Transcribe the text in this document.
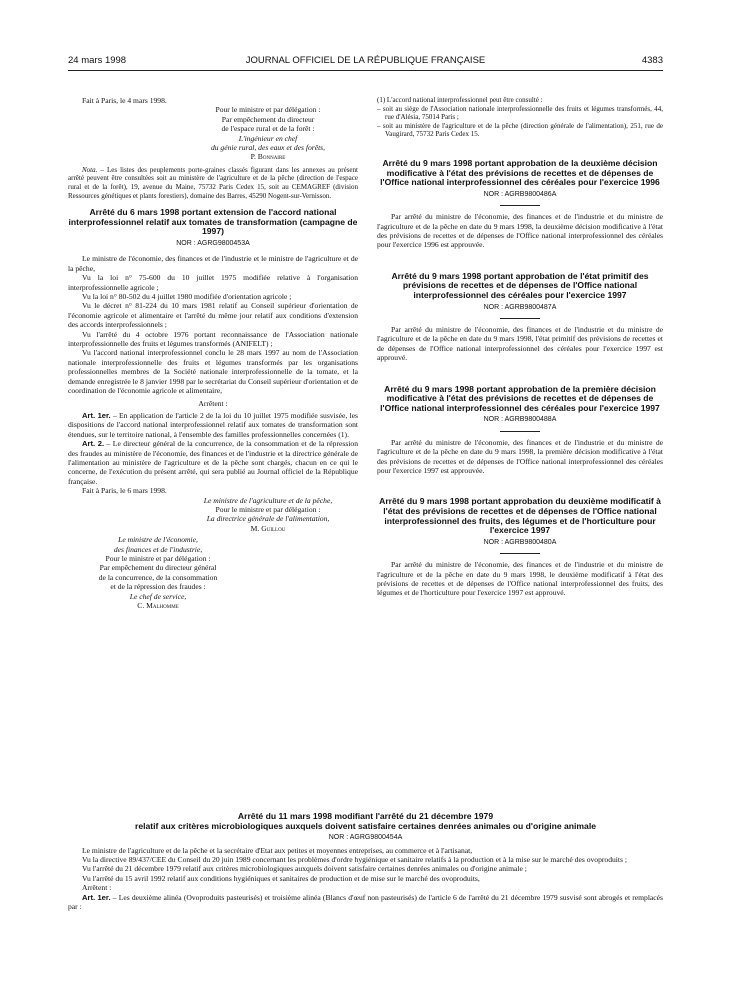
24 mars 1998	JOURNAL OFFICIEL DE LA RÉPUBLIQUE FRANÇAISE	4383

Fait à Paris, le 4 mars 1998.

Pour le ministre et par délégation :

Par empêchement du directeur

de l'espace rural et de la forêt :

L'ingénieur en chef

du génie rural, des eaux et des forêts,

P. Bonnaire

Nota. – Les listes des peuplements porte-graines classés figurant dans les annexes au présent arrêté peuvent être consultées soit au ministère de l'agriculture et de la pêche (direction de l'espace rural et de la forêt), 19, avenue du Maine, 75732 Paris Cedex 15, soit au CEMAGREF (division Ressources génétiques et plants forestiers), domaine des Barres, 45290 Nogent-sur-Vernisson.

Arrêté du 6 mars 1998 portant extension de l'accord national interprofessionnel relatif aux tomates de transformation (campagne de 1997)

NOR : AGRG9800453A

Le ministre de l'économie, des finances et de l'industrie et le ministre de l'agriculture et de la pêche,

Vu la loi n° 75-600 du 10 juillet 1975 modifiée relative à l'organisation interprofessionnelle agricole ;

Vu la loi n° 80-502 du 4 juillet 1980 modifiée d'orientation agricole ;

Vu le décret n° 81-224 du 10 mars 1981 relatif au Conseil supérieur d'orientation de l'économie agricole et alimentaire et l'arrêté du même jour relatif aux conditions d'extension des accords interprofessionnels ;

Vu l'arrêté du 4 octobre 1976 portant reconnaissance de l'Association nationale interprofessionnelle des fruits et légumes transformés (ANIFELT) ;

Vu l'accord national interprofessionnel conclu le 28 mars 1997 au nom de l'Association nationale interprofessionnelle des fruits et légumes transformés par les organisations professionnelles membres de la Société nationale interprofessionnelle de la tomate, et la demande enregistrée le 8 janvier 1998 par le secrétariat du Conseil supérieur d'orientation et de coordination de l'économie agricole et alimentaire,

Arrêtent :

Art. 1er. – En application de l'article 2 de la loi du 10 juillet 1975 modifiée susvisée, les dispositions de l'accord national interprofessionnel relatif aux tomates de transformation sont étendues, sur le territoire national, à l'ensemble des familles professionnelles concernées (1).

Art. 2. – Le directeur général de la concurrence, de la consommation et de la répression des fraudes au ministère de l'économie, des finances et de l'industrie et la directrice générale de l'alimentation au ministère de l'agriculture et de la pêche sont chargés, chacun en ce qui le concerne, de l'exécution du présent arrêté, qui sera publié au Journal officiel de la République française.

Fait à Paris, le 6 mars 1998.

Le ministre de l'agriculture et de la pêche,

Pour le ministre et par délégation :

La directrice générale de l'alimentation,

M. Guillou

Le ministre de l'économie,

des finances et de l'industrie,

Pour le ministre et par délégation :

Par empêchement du directeur général

de la concurrence, de la consommation

et de la répression des fraudes :

Le chef de service,

C. Malhomme

(1) L'accord national interprofessionnel peut être consulté :

– soit au siège de l'Association nationale interprofessionnelle des fruits et légumes transformés, 44, rue d'Alésia, 75014 Paris ;

– soit au ministère de l'agriculture et de la pêche (direction générale de l'alimentation), 251, rue de Vaugirard, 75732 Paris Cedex 15.

Arrêté du 9 mars 1998 portant approbation de la deuxième décision modificative à l'état des prévisions de recettes et de dépenses de l'Office national interprofessionnel des céréales pour l'exercice 1996

NOR : AGRB9800486A

Par arrêté du ministre de l'économie, des finances et de l'industrie et du ministre de l'agriculture et de la pêche en date du 9 mars 1998, la deuxième décision modificative à l'état des prévisions de recettes et de dépenses de l'Office national interprofessionnel des céréales pour l'exercice 1996 est approuvée.

Arrêté du 9 mars 1998 portant approbation de l'état primitif des prévisions de recettes et de dépenses de l'Office national interprofessionnel des céréales pour l'exercice 1997

NOR : AGRB9800487A

Par arrêté du ministre de l'économie, des finances et de l'industrie et du ministre de l'agriculture et de la pêche en date du 9 mars 1998, l'état primitif des prévisions de recettes et de dépenses de l'Office national interprofessionnel des céréales pour l'exercice 1997 est approuvé.

Arrêté du 9 mars 1998 portant approbation de la première décision modificative à l'état des prévisions de recettes et de dépenses de l'Office national interprofessionnel des céréales pour l'exercice 1997

NOR : AGRB9800488A

Par arrêté du ministre de l'économie, des finances et de l'industrie et du ministre de l'agriculture et de la pêche en date du 9 mars 1998, la première décision modificative à l'état des prévisions de recettes et de dépenses de l'Office national interprofessionnel des céréales pour l'exercice 1997 est approuvée.

Arrêté du 9 mars 1998 portant approbation du deuxième modificatif à l'état des prévisions de recettes et de dépenses de l'Office national interprofessionnel des fruits, des légumes et de l'horticulture pour l'exercice 1997

NOR : AGRB9800480A

Par arrêté du ministre de l'économie, des finances et de l'industrie et du ministre de l'agriculture et de la pêche en date du 9 mars 1998, le deuxième modificatif à l'état des prévisions de recettes et de dépenses de l'Office national interprofessionnel des fruits, des légumes et de l'horticulture pour l'exercice 1997 est approuvé.

Arrêté du 11 mars 1998 modifiant l'arrêté du 21 décembre 1979

relatif aux critères microbiologiques auxquels doivent satisfaire certaines denrées animales ou d'origine animale

NOR : AGRG9800454A

Le ministre de l'agriculture et de la pêche et la secrétaire d'Etat aux petites et moyennes entreprises, au commerce et à l'artisanat,

Vu la directive 89/437/CEE du Conseil du 20 juin 1989 concernant les problèmes d'ordre hygiénique et sanitaire relatifs à la production et à la mise sur le marché des ovoproduits ;

Vu l'arrêté du 21 décembre 1979 relatif aux critères microbiologiques auxquels doivent satisfaire certaines denrées animales ou d'origine animale ;

Vu l'arrêté du 15 avril 1992 relatif aux conditions hygiéniques et sanitaires de production et de mise sur le marché des ovoproduits,

Arrêtent :

Art. 1er. – Les deuxième alinéa (Ovoproduits pasteurisés) et troisième alinéa (Blancs d'œuf non pasteurisés) de l'article 6 de l'arrêté du 21 décembre 1979 susvisé sont abrogés et remplacés par :
